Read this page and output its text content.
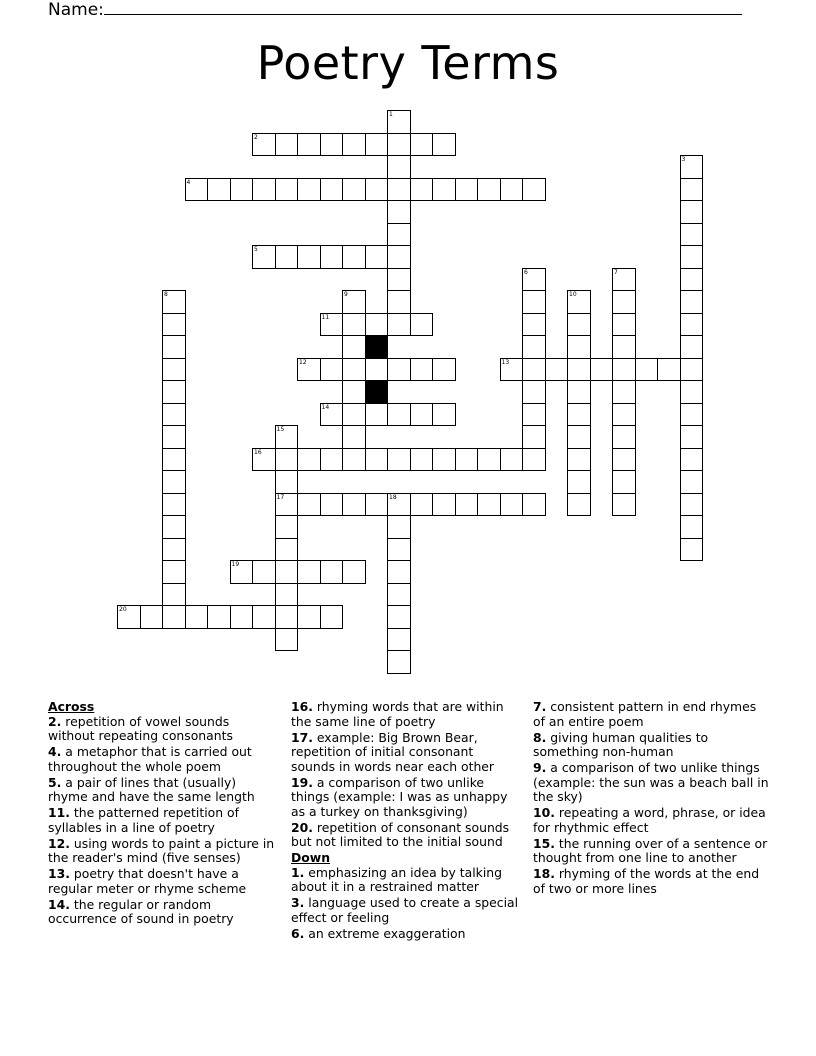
Name:
Poetry Terms
1
2
3
4
5
6	7
8	9	10
11
12	13
14
15
17
16
18
19
20
Across
2. repetition of vowel sounds without repeating consonants
4. a metaphor that is carried out throughout the whole poem
5. a pair of lines that (usually) rhyme and have the same length
11. the patterned repetition of syllables in a line of poetry
12. using words to paint a picture in the reader's mind (five senses)
13. poetry that doesn't have a regular meter or rhyme scheme
14. the regular or random occurrence of sound in poetry
16. rhyming words that are within the same line of poetry
17. example: Big Brown Bear, repetition of initial consonant sounds in words near each other
19. a comparison of two unlike things (example: I was as unhappy as a turkey on thanksgiving)
20. repetition of consonant sounds but not limited to the initial sound
Down
1. emphasizing an idea by talking about it in a restrained matter
3. language used to create a special effect or feeling
6. an extreme exaggeration
7. consistent pattern in end rhymes of an entire poem
8. giving human qualities to something non-human
9. a comparison of two unlike things (example: the sun was a beach ball in the sky)
10. repeating a word, phrase, or idea for rhythmic effect
15. the running over of a sentence or thought from one line to another
18. rhyming of the words at the end of two or more lines
